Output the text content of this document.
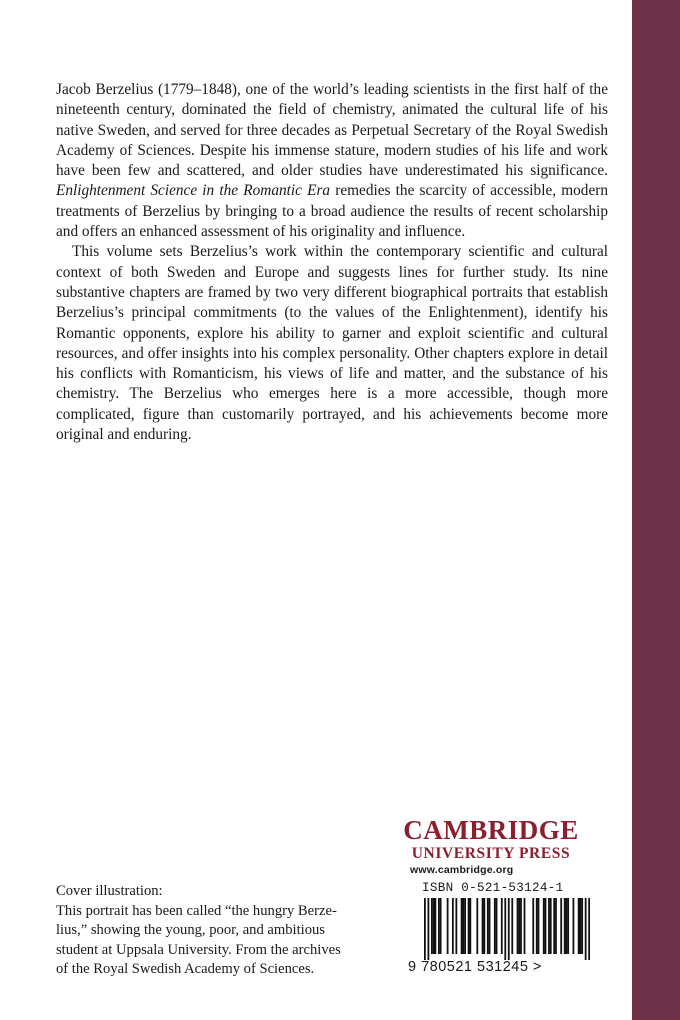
Jacob Berzelius (1779–1848), one of the world’s leading scientists in the first half of the nineteenth century, dominated the field of chemistry, animated the cultural life of his native Sweden, and served for three decades as Perpetual Secretary of the Royal Swedish Academy of Sciences. Despite his immense stature, modern studies of his life and work have been few and scattered, and older studies have underestimated his significance. Enlightenment Science in the Romantic Era remedies the scarcity of accessible, modern treatments of Berzelius by bringing to a broad audience the results of recent scholarship and offers an enhanced assessment of his originality and influence.

This volume sets Berzelius’s work within the contemporary scientific and cultural context of both Sweden and Europe and suggests lines for further study. Its nine substantive chapters are framed by two very different biographical portraits that establish Berzelius’s principal commitments (to the values of the Enlightenment), identify his Romantic opponents, explore his ability to garner and exploit scientific and cultural resources, and offer insights into his complex personality. Other chapters explore in detail his conflicts with Romanticism, his views of life and matter, and the substance of his chemistry. The Berzelius who emerges here is a more accessible, though more complicated, figure than customarily portrayed, and his achievements become more original and enduring.

CAMBRIDGE
UNIVERSITY PRESS
www.cambridge.org
Cover illustration:
This portrait has been called “the hungry Berze-
lius,” showing the young, poor, and ambitious
student at Uppsala University. From the archives
of the Royal Swedish Academy of Sciences.
ISBN 0-521-53124-1
9 780521 531245 >
